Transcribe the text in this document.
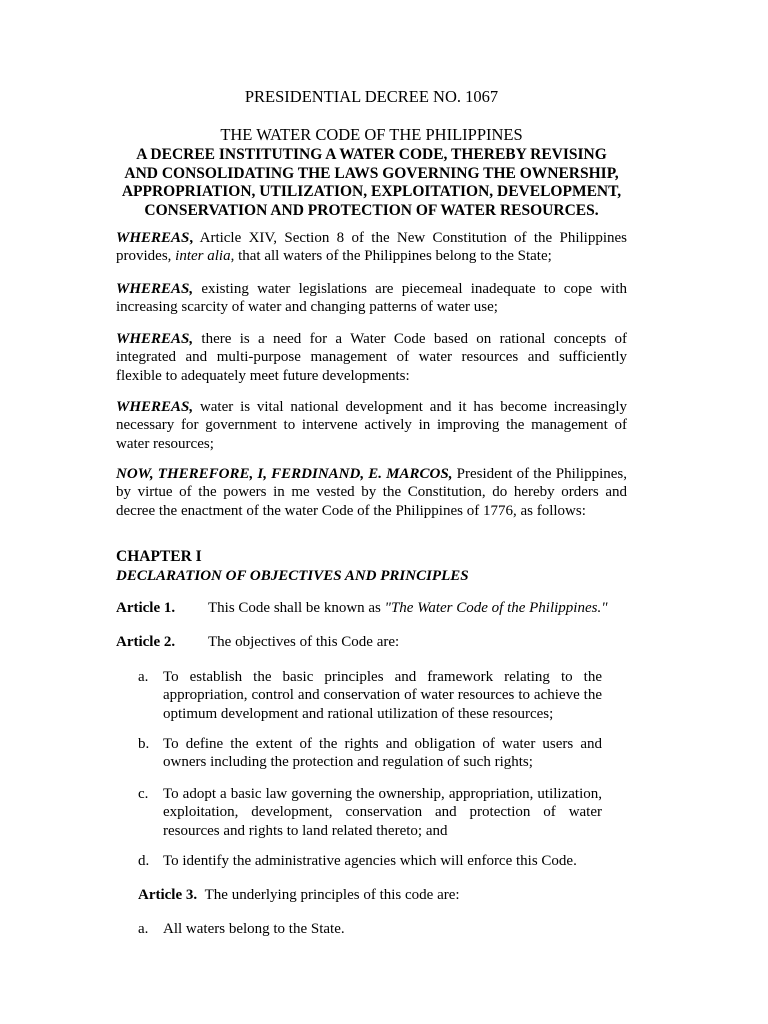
PRESIDENTIAL DECREE NO. 1067
THE WATER CODE OF THE PHILIPPINES
A DECREE INSTITUTING A WATER CODE, THEREBY REVISING
AND CONSOLIDATING THE LAWS GOVERNING THE OWNERSHIP,
APPROPRIATION, UTILIZATION, EXPLOITATION, DEVELOPMENT,
CONSERVATION AND PROTECTION OF WATER RESOURCES.

WHEREAS, Article XIV, Section 8 of the New Constitution of the Philippines provides, inter alia, that all waters of the Philippines belong to the State;

WHEREAS, existing water legislations are piecemeal inadequate to cope with increasing scarcity of water and changing patterns of water use;

WHEREAS, there is a need for a Water Code based on rational concepts of integrated and multi-purpose management of water resources and sufficiently flexible to adequately meet future developments:

WHEREAS, water is vital national development and it has become increasingly necessary for government to intervene actively in improving the management of water resources;

NOW, THEREFORE, I, FERDINAND, E. MARCOS, President of the Philippines, by virtue of the powers in me vested by the Constitution, do hereby orders and decree the enactment of the water Code of the Philippines of 1776, as follows:

CHAPTER I
DECLARATION OF OBJECTIVES AND PRINCIPLES
Article 1. This Code shall be known as "The Water Code of the Philippines."
Article 2. The objectives of this Code are:
a. To establish the basic principles and framework relating to the appropriation, control and conservation of water resources to achieve the optimum development and rational utilization of these resources;
b. To define the extent of the rights and obligation of water users and owners including the protection and regulation of such rights;
c. To adopt a basic law governing the ownership, appropriation, utilization, exploitation, development, conservation and protection of water resources and rights to land related thereto; and
d. To identify the administrative agencies which will enforce this Code.
Article 3. The underlying principles of this code are:
a. All waters belong to the State.
